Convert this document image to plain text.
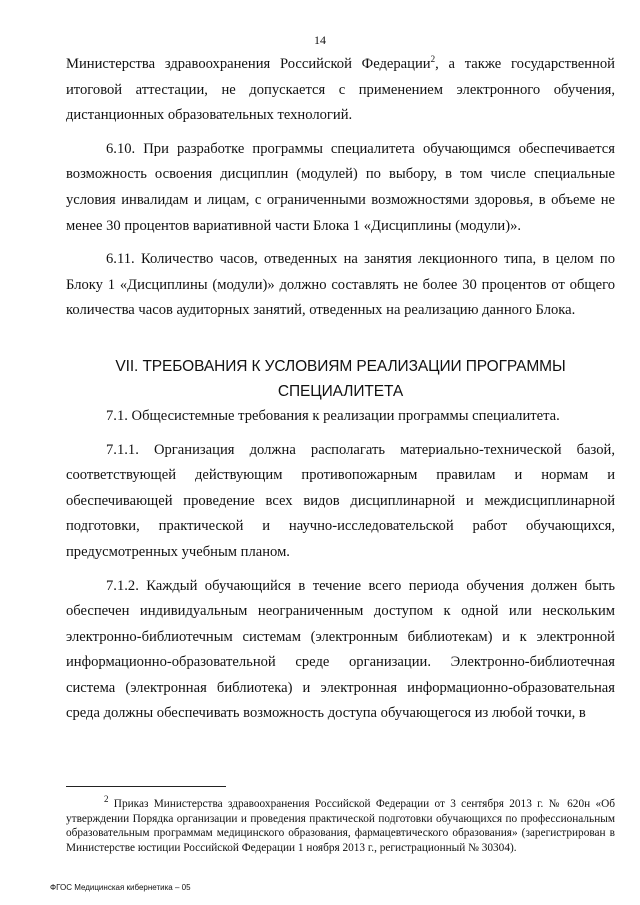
14

Министерства здравоохранения Российской Федерации$^2$, а также государственной итоговой аттестации, не допускается с применением электронного обучения, дистанционных образовательных технологий.

6.10. При разработке программы специалитета обучающимся обеспечивается возможность освоения дисциплин (модулей) по выбору, в том числе специальные условия инвалидам и лицам, с ограниченными возможностями здоровья, в объеме не менее 30 процентов вариативной части Блока 1 «Дисциплины (модули)».

6.11. Количество часов, отведенных на занятия лекционного типа, в целом по Блоку 1 «Дисциплины (модули)» должно составлять не более 30 процентов от общего количества часов аудиторных занятий, отведенных на реализацию данного Блока.

VII. ТРЕБОВАНИЯ К УСЛОВИЯМ РЕАЛИЗАЦИИ ПРОГРАММЫ
СПЕЦИАЛИТЕТА

7.1. Общесистемные требования к реализации программы специалитета.

7.1.1. Организация должна располагать материально-технической базой, соответствующей действующим противопожарным правилам и нормам и обеспечивающей проведение всех видов дисциплинарной и междисциплинарной подготовки, практической и научно-исследовательской работ обучающихся, предусмотренных учебным планом.

7.1.2. Каждый обучающийся в течение всего периода обучения должен быть обеспечен индивидуальным неограниченным доступом к одной или нескольким электронно-библиотечным системам (электронным библиотекам) и к электронной информационно-образовательной среде организации. Электронно-библиотечная система (электронная библиотека) и электронная информационно-образовательная среда должны обеспечивать возможность доступа обучающегося из любой точки, в

$^2$ Приказ Министерства здравоохранения Российской Федерации от 3 сентября 2013 г. № 620н «Об утверждении Порядка организации и проведения практической подготовки обучающихся по профессиональным образовательным программам медицинского образования, фармацевтического образования» (зарегистрирован в Министерстве юстиции Российской Федерации 1 ноября 2013 г., регистрационный № 30304).
ФГОС Медицинская кибернетика – 05
